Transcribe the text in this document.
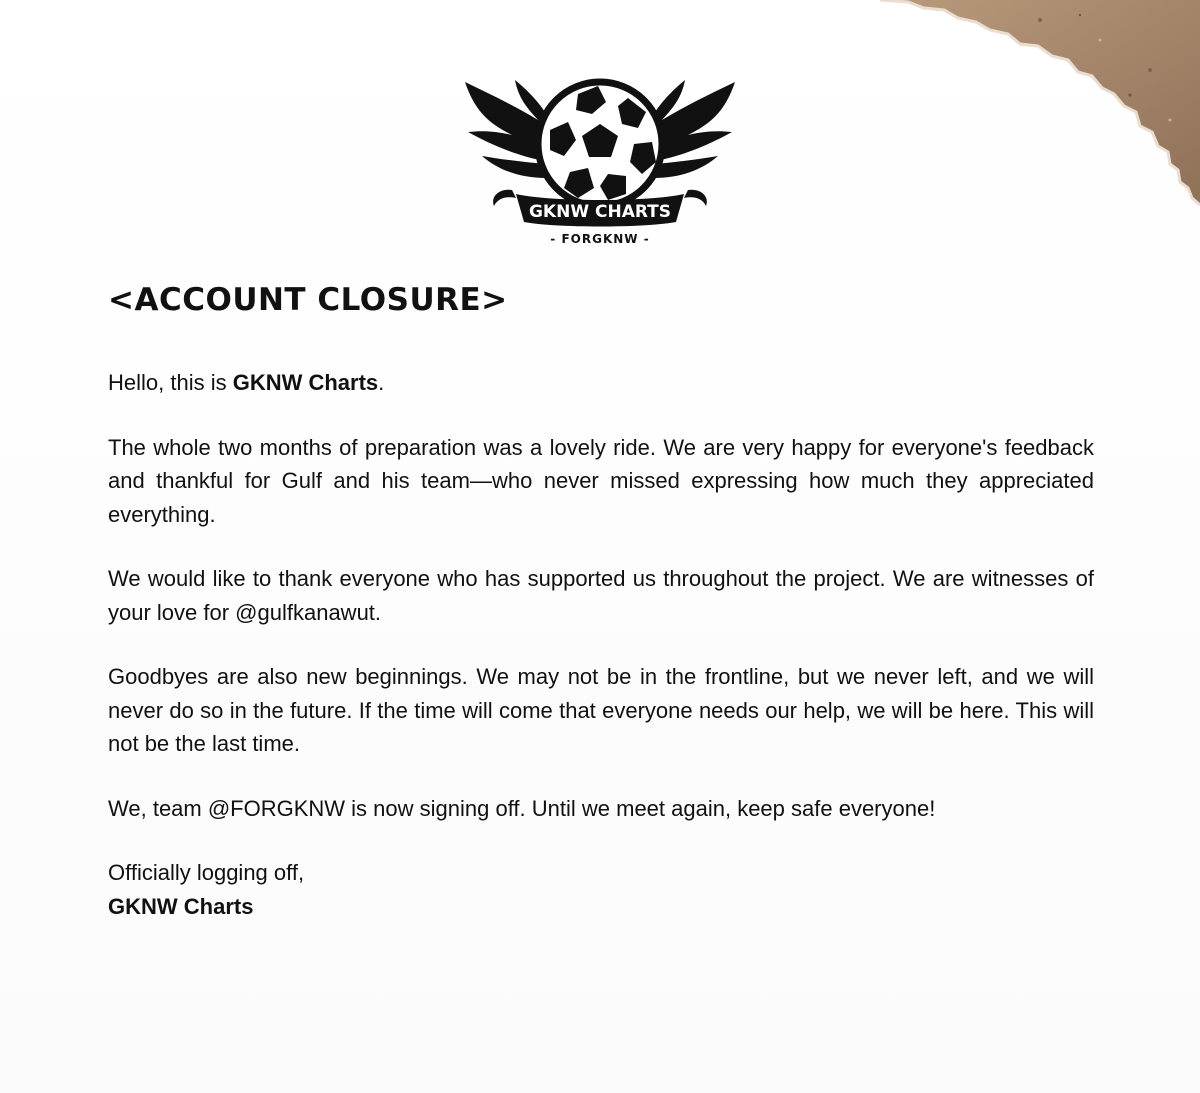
GKNW CHARTS
- FORGKNW -
<ACCOUNT CLOSURE>

Hello, this is GKNW Charts.

The whole two months of preparation was a lovely ride. We are very happy for everyone's feedback and thankful for Gulf and his team—who never missed expressing how much they appreciated everything.

We would like to thank everyone who has supported us throughout the project. We are witnesses of your love for @gulfkanawut.

Goodbyes are also new beginnings. We may not be in the frontline, but we never left, and we will never do so in the future. If the time will come that everyone needs our help, we will be here. This will not be the last time.

We, team @FORGKNW is now signing off. Until we meet again, keep safe everyone!

Officially logging off,
GKNW Charts
